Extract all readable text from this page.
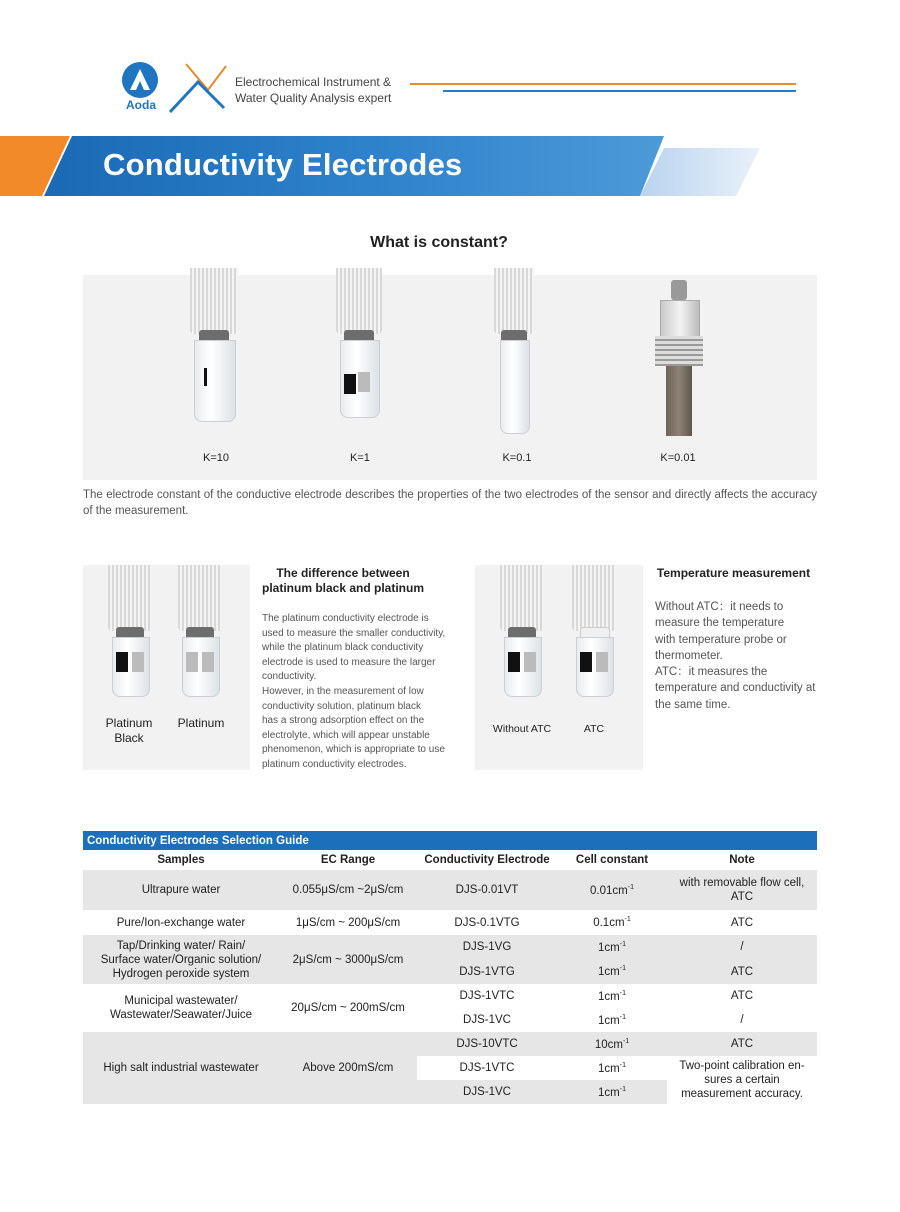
Aoda
Electrochemical Instrument &
Water Quality Analysis expert
Conductivity Electrodes
What is constant?
K=10	K=1	K=0.1	K=0.01
The electrode constant of the conductive electrode describes the properties of the two electrodes of the sensor and directly affects the accuracy of the measurement.
Platinum
Black
Platinum
The difference between
platinum black and platinum
The platinum conductivity electrode is
used to measure the smaller conductivity,
while the platinum black conductivity
electrode is used to measure the larger
conductivity.
However, in the measurement of low
conductivity solution, platinum black
has a strong adsorption effect on the
electrolyte, which will appear unstable
phenomenon, which is appropriate to use
platinum conductivity electrodes.
Without ATC	ATC
Temperature measurement
Without ATC：it needs to
measure the temperature
with temperature probe or
thermometer.
ATC：it measures the
temperature and conductivity at
the same time.
Conductivity Electrodes Selection Guide				
Samples	EC Range	Conductivity Electrode	Cell constant	Note
Ultrapure water	0.055μS/cm ~2μS/cm	DJS-0.01VT	$0.01cm^{-1}$	with removable flow cell,
ATC

Pure/Ion-exchange water	1μS/cm ~ 200μS/cm	DJS-0.1VTG	$0.1cm^{-1}$	ATC

Tap/Drinking water/ Rain/
Surface water/Organic solution/
Hydrogen peroxide system	2μS/cm ~ 3000μS/cm	DJS-1VG	$1cm^{-1}$	/
		DJS-1VTG	$1cm^{-1}$	ATC

Municipal wastewater/
Wastewater/Seawater/Juice	20μS/cm ~ 200mS/cm	DJS-1VTC	$1cm^{-1}$	ATC
		DJS-1VC	$1cm^{-1}$	/
High salt industrial wastewater	Above 200mS/cm	DJS-10VTC	$10cm^{-1}$	ATC
		DJS-1VTC	$1cm^{-1}$	Two-point calibration en-
sures a certain
measurement accuracy.

		DJS-1VC	$1cm^{-1}$
